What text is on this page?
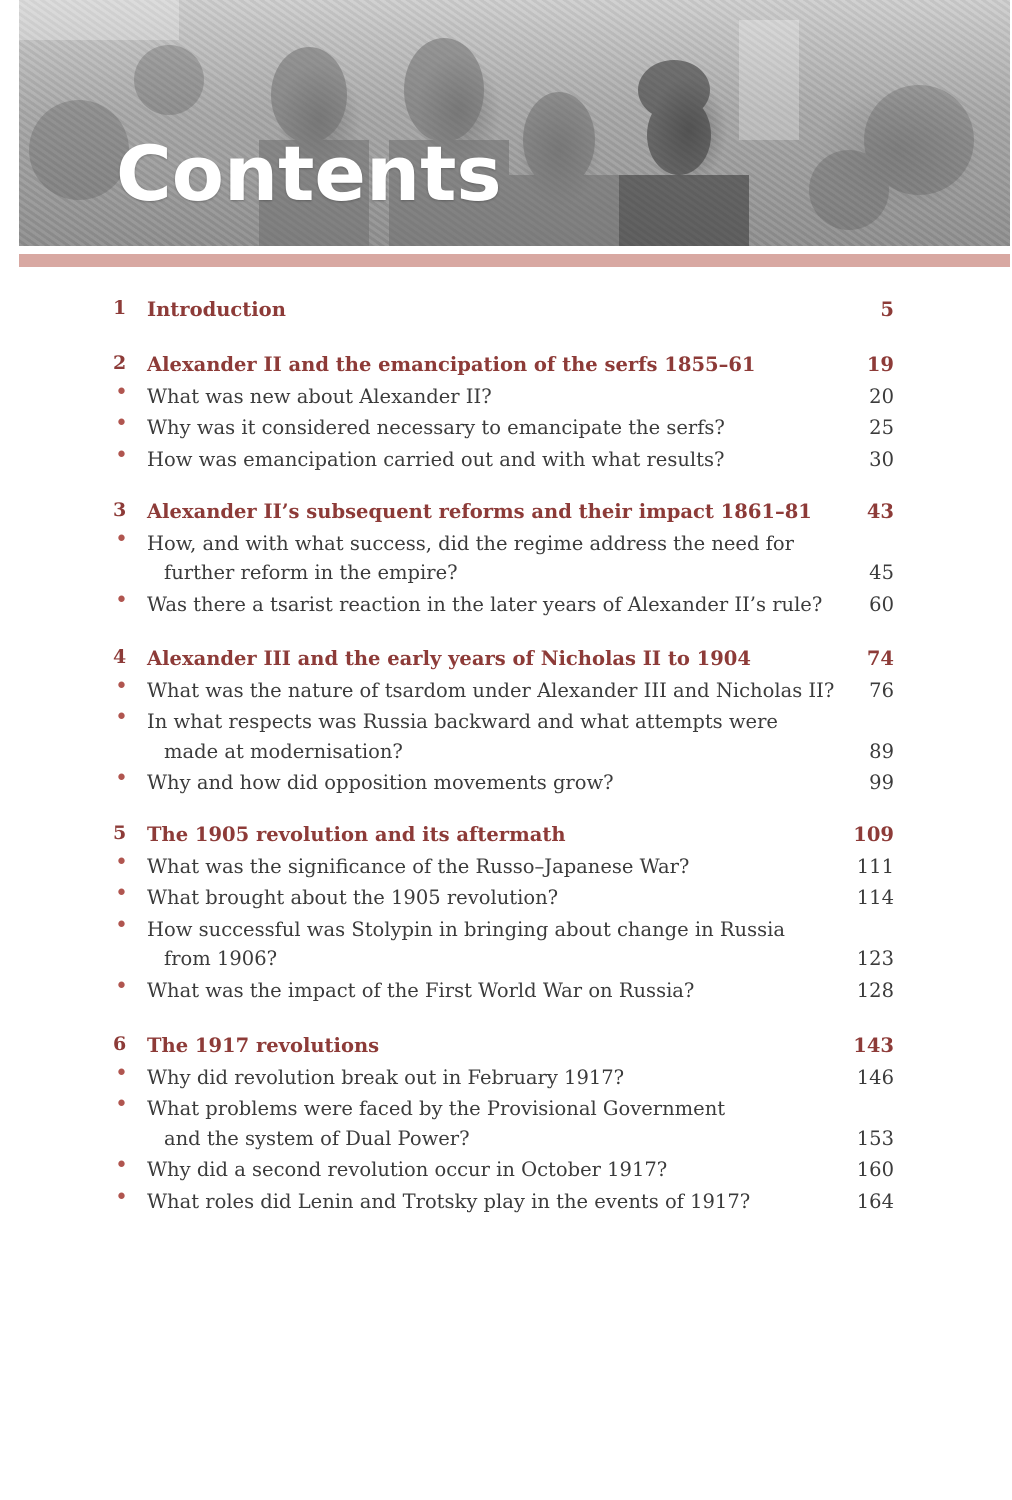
Contents
1	Introduction	5
2	Alexander II and the emancipation of the serfs 1855–61	19
• What was new about Alexander II?	20
• Why was it considered necessary to emancipate the serfs?	25
• How was emancipation carried out and with what results?	30
3	Alexander II’s subsequent reforms and their impact 1861–81	43
• How, and with what success, did the regime address the need for
further reform in the empire?	45
• Was there a tsarist reaction in the later years of Alexander II’s rule?	60
4	Alexander III and the early years of Nicholas II to 1904	74
• What was the nature of tsardom under Alexander III and Nicholas II?	76
• In what respects was Russia backward and what attempts were
made at modernisation?	89
• Why and how did opposition movements grow?	99
5	The 1905 revolution and its aftermath	109
• What was the significance of the Russo–Japanese War?	111
• What brought about the 1905 revolution?	114
• How successful was Stolypin in bringing about change in Russia
from 1906?	123
• What was the impact of the First World War on Russia?	128
6	The 1917 revolutions	143
• Why did revolution break out in February 1917?	146
• What problems were faced by the Provisional Government
and the system of Dual Power?	153
• Why did a second revolution occur in October 1917?	160
• What roles did Lenin and Trotsky play in the events of 1917?	164
